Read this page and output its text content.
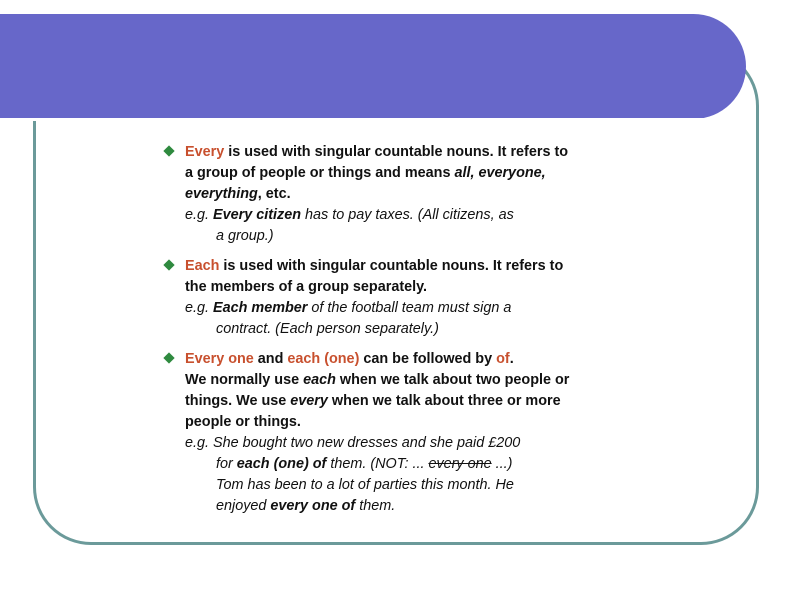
Every is used with singular countable nouns. It refers to a group of people or things and means all, everyone, everything, etc.
e.g. Every citizen has to pay taxes. (All citizens, as
a group.)
Each is used with singular countable nouns. It refers to the members of a group separately.
e.g. Each member of the football team must sign a
contract. (Each person separately.)
Every one and each (one) can be followed by of.
We normally use each when we talk about two people or things. We use every when we talk about three or more people or things.
e.g. She bought two new dresses and she paid £200
for each (one) of them. (NOT: ... every one ...)
Tom has been to a lot of parties this month. He
enjoyed every one of them.
